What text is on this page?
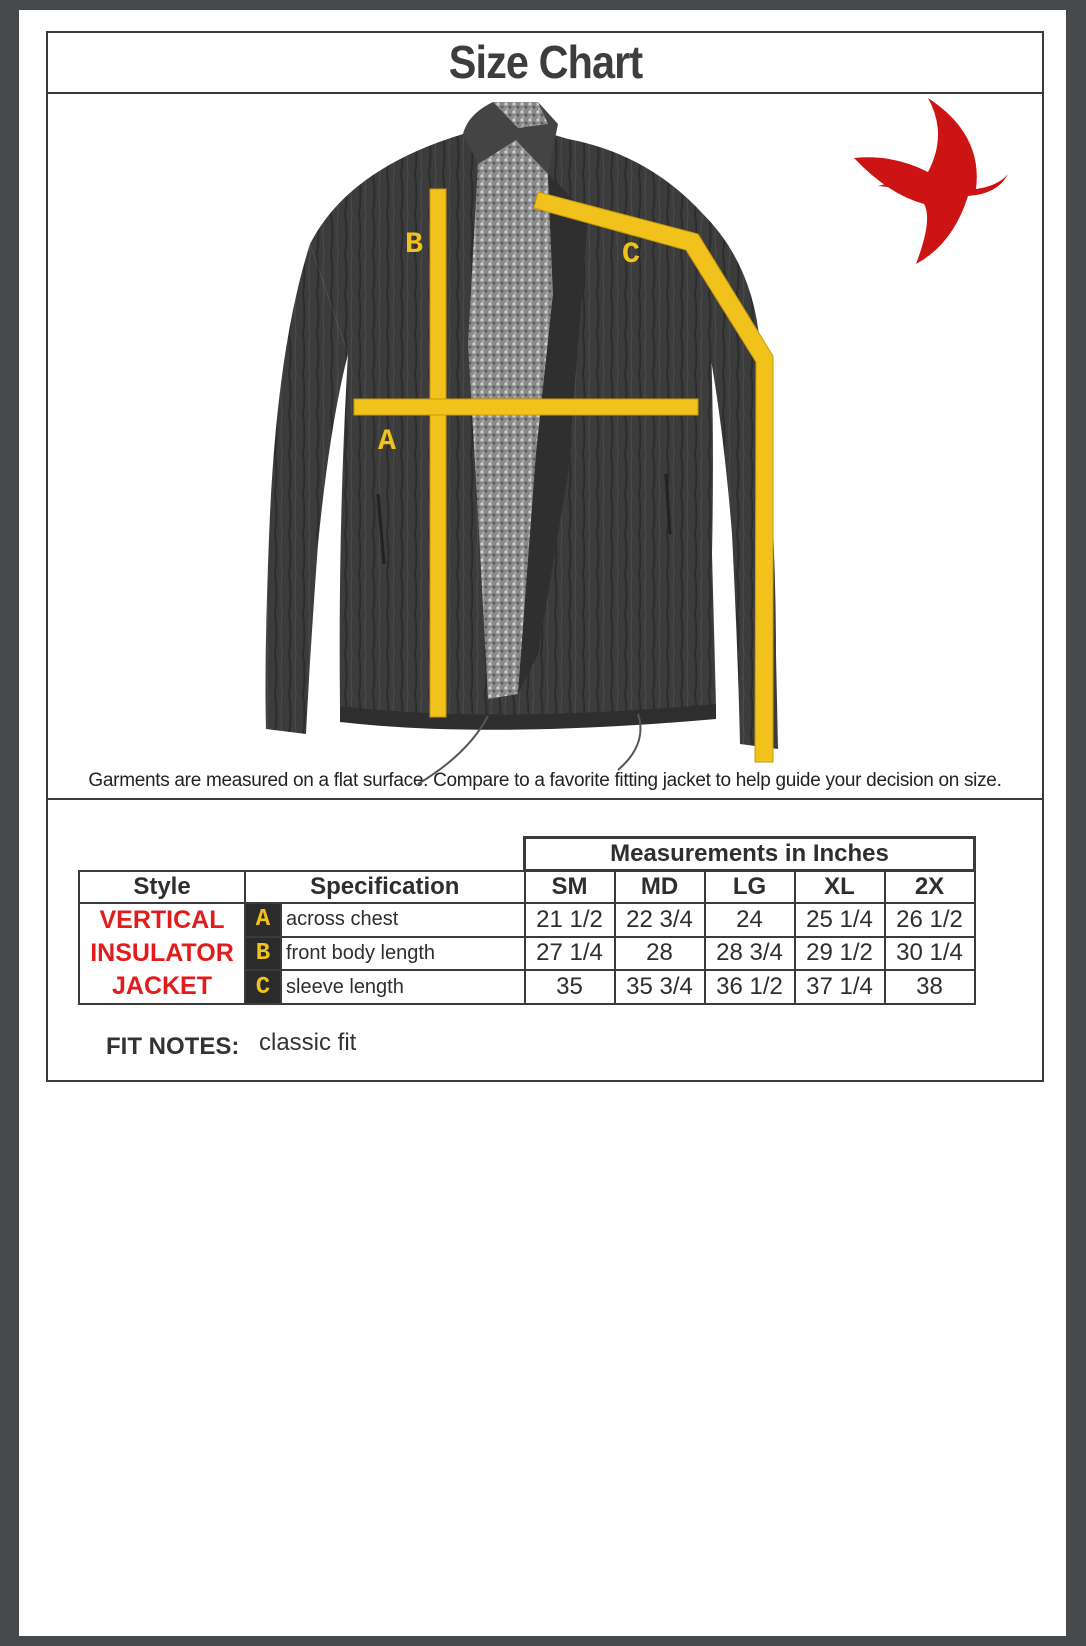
Size Chart
B
A
C
Garments are measured on a flat surface. Compare to a favorite fitting jacket to help guide your decision on size.
			Measurements in Inches				
Style	Specification		SM	MD	LG	XL	2X

VERTICAL
INSULATOR
JACKET	A	across chest	21 1/2	22 3/4	24	25 1/4	26 1/2
	B	front body length	27 1/4	28	28 3/4	29 1/2	30 1/4
	C	sleeve length	35	35 3/4	36 1/2	37 1/4	38
FIT NOTES: classic fit
